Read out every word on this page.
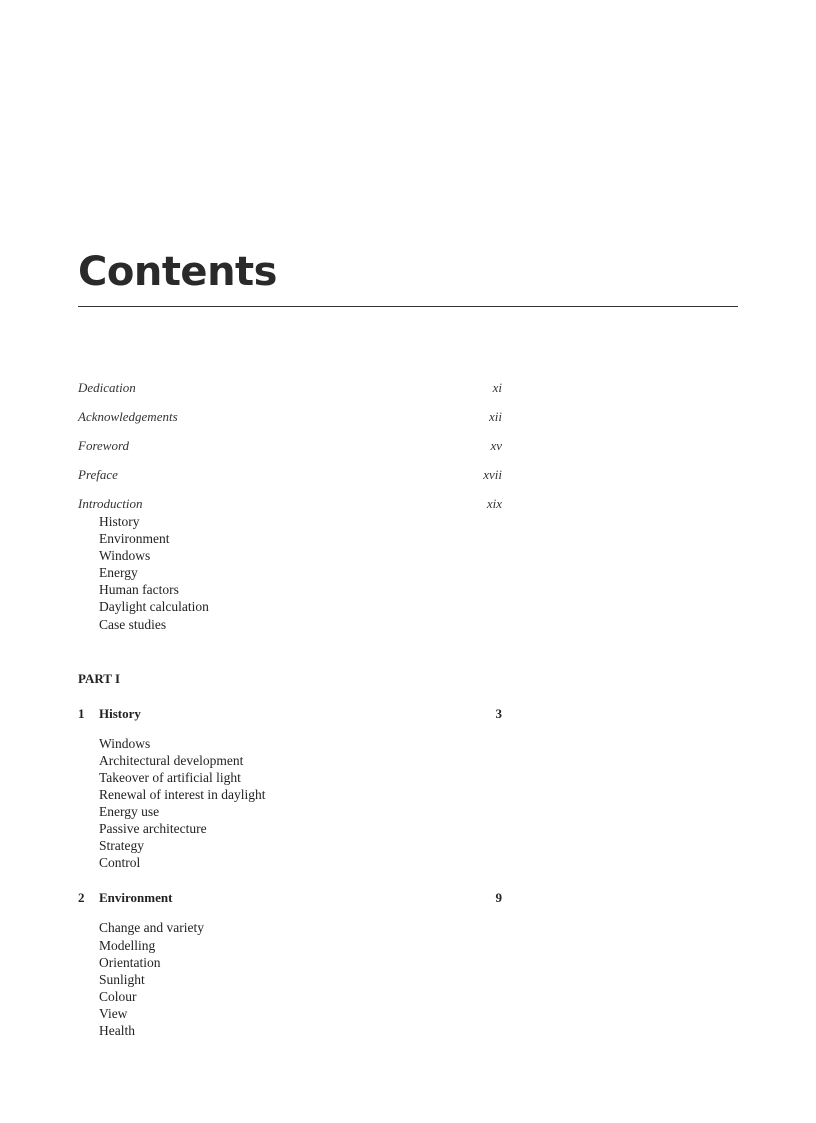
Contents
Dedication	xi
Acknowledgements	xii
Foreword	xv
Preface	xvii
Introduction	xix
History
Environment
Windows
Energy
Human factors
Daylight calculation
Case studies
PART I
1	History	3
Windows
Architectural development
Takeover of artificial light
Renewal of interest in daylight
Energy use
Passive architecture
Strategy
Control
2	Environment	9
Change and variety
Modelling
Orientation
Sunlight
Colour
View
Health
